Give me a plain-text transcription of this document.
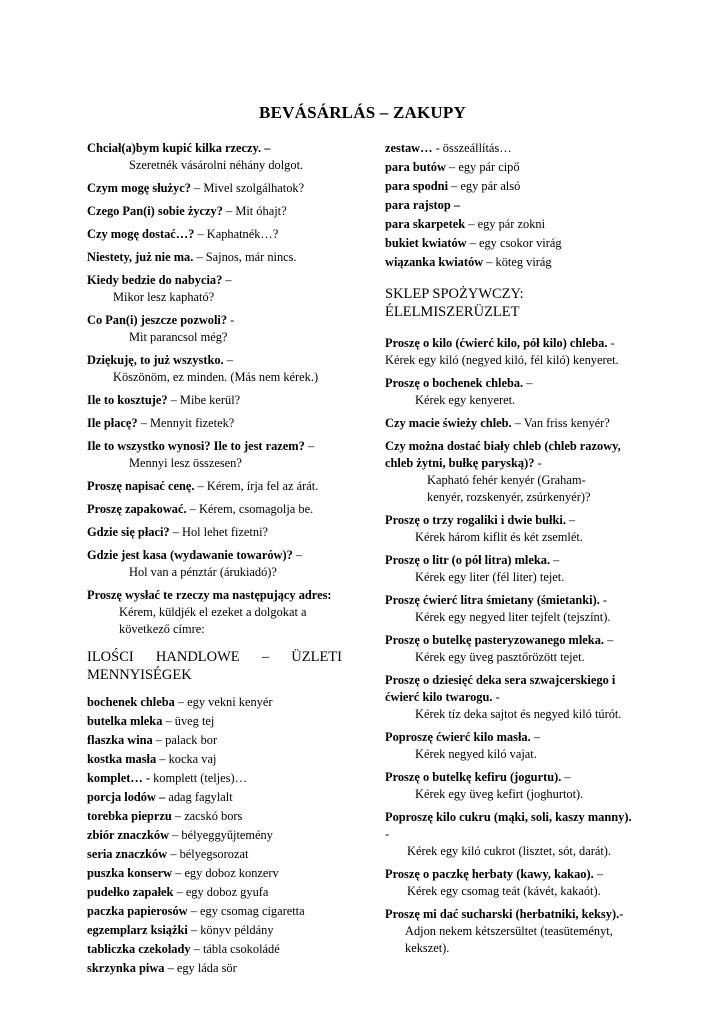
BEVÁSÁRLÁS – ZAKUPY
Chciał(a)bym kupić kilka rzeczy. –
Szeretnék vásárolni néhány dolgot.
Czym mogę służyc? – Mivel szolgálhatok?
Czego Pan(i) sobie życzy? – Mit óhajt?
Czy mogę dostać…? – Kaphatnék…?
Niestety, już nie ma. – Sajnos, már nincs.
Kiedy bedzie do nabycia? –
Mikor lesz kapható?
Co Pan(i) jeszcze pozwoli? -
Mit parancsol még?
Dziękuję, to już wszystko. –
Köszönöm, ez minden. (Más nem kérek.)
Ile to kosztuje? – Mibe kerül?
Ile płacę? – Mennyit fizetek?
Ile to wszystko wynosi? Ile to jest razem? –
Mennyi lesz összesen?
Proszę napisać cenę. – Kérem, írja fel az árát.
Proszę zapakować. – Kérem, csomagolja be.
Gdzie się płaci? – Hol lehet fizetni?
Gdzie jest kasa (wydawanie towarów)? –
Hol van a pénztár (árukiadó)?
Proszę wysłać te rzeczy ma następujący adres:
Kérem, küldjék el ezeket a dolgokat a következő címre:
ILOŚCI HANDLOWE – ÜZLETI MENNYISÉGEK
bochenek chleba – egy vekni kenyér
butelka mleka – üveg tej
flaszka wina – palack bor
kostka masła – kocka vaj
komplet… - komplett (teljes)…
porcja lodów – adag fagylalt
torebka pieprzu – zacskó bors
zbiór znaczków – bélyeggyűjtemény
seria znaczków – bélyegsorozat
puszka konserw – egy doboz konzerv
pudełko zapałek – egy doboz gyufa
paczka papierosów – egy csomag cigaretta
egzemplarz książki – könyv példány
tabliczka czekolady – tábla csokoládé
skrzynka piwa – egy láda sör
zestaw… - összeállítás…
para butów – egy pár cipő
para spodni – egy pár alsó
para rajstop –
para skarpetek – egy pár zokni
bukiet kwiatów – egy csokor virág
wiązanka kwiatów – köteg virág
SKLEP SPOŻYWCZY: ÉLELMISZERÜZLET
Proszę o kilo (ćwierć kilo, pół kilo) chleba. -
Kérek egy kiló (negyed kiló, fél kiló) kenyeret.
Proszę o bochenek chleba. –
Kérek egy kenyeret.
Czy macie świeży chleb. – Van friss kenyér?
Czy można dostać biały chleb (chleb razowy, chleb żytni, bułkę paryską)? -
Kapható fehér kenyér (Graham-kenyér, rozskenyér, zsúrkenyér)?
Proszę o trzy rogaliki i dwie bułki. –
Kérek három kiflit és két zsemlét.
Proszę o litr (o pół litra) mleka. –
Kérek egy liter (fél liter) tejet.
Proszę ćwierć litra śmietany (śmietanki). -
Kérek egy negyed liter tejfelt (tejszínt).
Proszę o butelkę pasteryzowanego mleka. –
Kérek egy üveg pasztőrözött tejet.
Proszę o dziesięć deka sera szwajcerskiego i ćwierć kilo twarogu. -
Kérek tíz deka sajtot és negyed kiló túrót.
Poproszę ćwierć kilo masła. –
Kérek negyed kiló vajat.
Proszę o butelkę kefiru (jogurtu). –
Kérek egy üveg kefirt (joghurtot).
Poproszę kilo cukru (mąki, soli, kaszy manny). -
Kérek egy kiló cukrot (lisztet, sót, darát).
Proszę o paczkę herbaty (kawy, kakao). –
Kérek egy csomag teát (kávét, kakaót).
Proszę mi dać sucharski (herbatniki, keksy).-
Adjon nekem kétszersültet (teasüteményt, kekszet).
